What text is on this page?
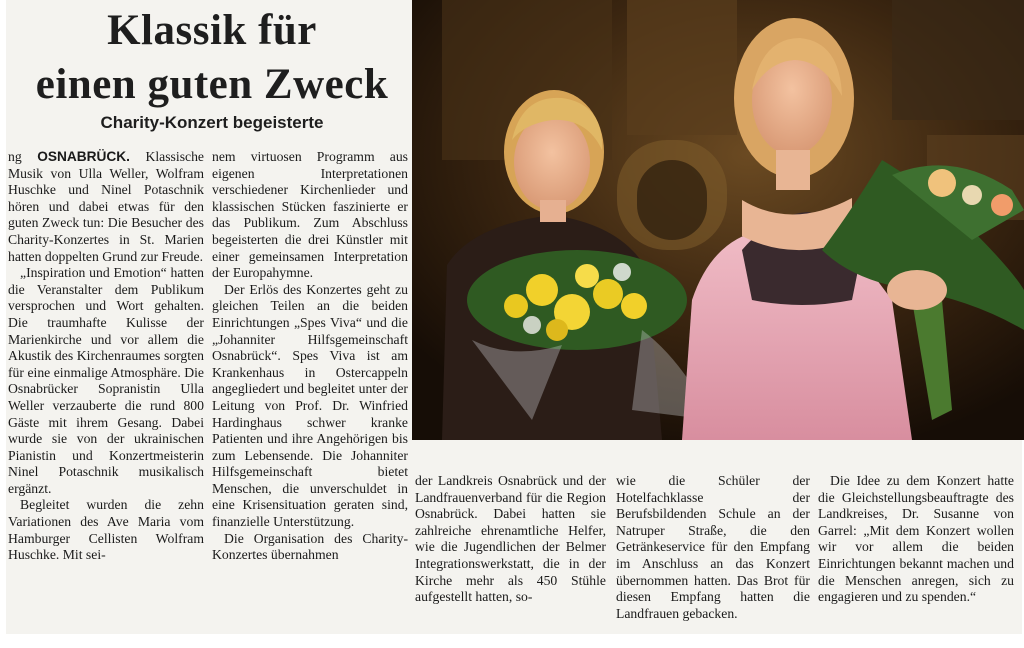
Klassik für
einen guten Zweck
Charity-Konzert begeisterte

ng OSNABRÜCK. Klassische Musik von Ulla Weller, Wolfram Huschke und Ninel Potaschnik hören und dabei etwas für den guten Zweck tun: Die Besucher des Charity-Konzertes in St. Marien hatten doppelten Grund zur Freude.

„Inspiration und Emotion“ hatten die Veranstalter dem Publikum versprochen und Wort gehalten. Die traumhafte Kulisse der Marienkirche und vor allem die Akustik des Kirchenraumes sorgten für eine einmalige Atmosphäre. Die Osnabrücker Sopranistin Ulla Weller verzauberte die rund 800 Gäste mit ihrem Gesang. Dabei wurde sie von der ukrainischen Pianistin und Konzertmeisterin Ninel Potaschnik musikalisch ergänzt.

Begleitet wurden die zehn Variationen des Ave Maria vom Hamburger Cellisten Wolfram Huschke. Mit sei-

nem virtuosen Programm aus eigenen Interpretationen verschiedener Kirchenlieder und klassischen Stücken faszinierte er das Publikum. Zum Abschluss begeisterten die drei Künstler mit einer gemeinsamen Interpretation der Europahymne.

Der Erlös des Konzertes geht zu gleichen Teilen an die beiden Einrichtungen „Spes Viva“ und die „Johanniter Hilfsgemeinschaft Osnabrück“. Spes Viva ist am Krankenhaus in Ostercappeln angegliedert und begleitet unter der Leitung von Prof. Dr. Winfried Hardinghaus schwer kranke Patienten und ihre Angehörigen bis zum Lebensende. Die Johanniter Hilfsgemeinschaft bietet Menschen, die unverschuldet in eine Krisensituation geraten sind, finanzielle Unterstützung.

Die Organisation des Charity-Konzertes übernahmen

der Landkreis Osnabrück und der Landfrauenverband für die Region Osnabrück. Dabei hatten sie zahlreiche ehrenamtliche Helfer, wie die Jugendlichen der Belmer Integrationswerkstatt, die in der Kirche mehr als 450 Stühle aufgestellt hatten, so-

wie die Schüler der Hotelfachklasse der Berufsbildenden Schule an der Natruper Straße, die den Getränkeservice für den Empfang im Anschluss an das Konzert übernommen hatten. Das Brot für diesen Empfang hatten die Landfrauen gebacken.

Die Idee zu dem Konzert hatte die Gleichstellungsbeauftragte des Landkreises, Dr. Susanne von Garrel: „Mit dem Konzert wollen wir vor allem die beiden Einrichtungen bekannt machen und die Menschen anregen, sich zu engagieren und zu spenden.“
